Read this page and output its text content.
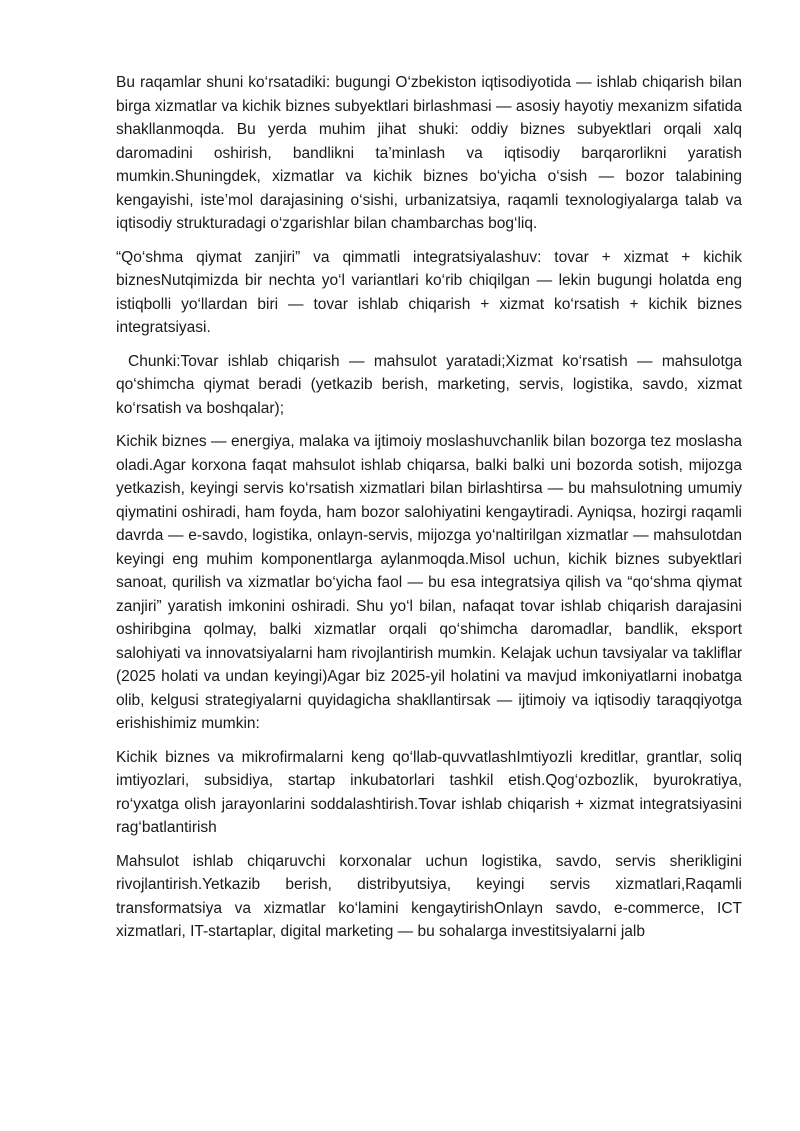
Bu raqamlar shuni ko‘rsatadiki: bugungi O‘zbekiston iqtisodiyotida — ishlab chiqarish bilan birga xizmatlar va kichik biznes subyektlari birlashmasi — asosiy hayotiy mexanizm sifatida shakllanmoqda. Bu yerda muhim jihat shuki: oddiy biznes subyektlari orqali xalq daromadini oshirish, bandlikni ta’minlash va iqtisodiy barqarorlikni yaratish mumkin.Shuningdek, xizmatlar va kichik biznes bo‘yicha o‘sish — bozor talabining kengayishi, iste’mol darajasining o‘sishi, urbanizatsiya, raqamli texnologiyalarga talab va iqtisodiy strukturadagi o‘zgarishlar bilan chambarchas bog‘liq.

“Qo‘shma qiymat zanjiri” va qimmatli integratsiyalashuv: tovar + xizmat + kichik biznesNutqimizda bir nechta yo‘l variantlari ko‘rib chiqilgan — lekin bugungi holatda eng istiqbolli yo‘llardan biri — tovar ishlab chiqarish + xizmat ko‘rsatish + kichik biznes integratsiyasi.

Chunki:Tovar ishlab chiqarish — mahsulot yaratadi;Xizmat ko‘rsatish — mahsulotga qo‘shimcha qiymat beradi (yetkazib berish, marketing, servis, logistika, savdo, xizmat ko‘rsatish va boshqalar);

Kichik biznes — energiya, malaka va ijtimoiy moslashuvchanlik bilan bozorga tez moslasha oladi.Agar korxona faqat mahsulot ishlab chiqarsa, balki balki uni bozorda sotish, mijozga yetkazish, keyingi servis ko‘rsatish xizmatlari bilan birlashtirsa — bu mahsulotning umumiy qiymatini oshiradi, ham foyda, ham bozor salohiyatini kengaytiradi. Ayniqsa, hozirgi raqamli davrda — e-savdo, logistika, onlayn-servis, mijozga yo‘naltirilgan xizmatlar — mahsulotdan keyingi eng muhim komponentlarga aylanmoqda.Misol uchun, kichik biznes subyektlari sanoat, qurilish va xizmatlar bo‘yicha faol — bu esa integratsiya qilish va “qo‘shma qiymat zanjiri” yaratish imkonini oshiradi. Shu yo‘l bilan, nafaqat tovar ishlab chiqarish darajasini oshiribgina qolmay, balki xizmatlar orqali qo‘shimcha daromadlar, bandlik, eksport salohiyati va innovatsiyalarni ham rivojlantirish mumkin. Kelajak uchun tavsiyalar va takliflar (2025 holati va undan keyingi)Agar biz 2025-yil holatini va mavjud imkoniyatlarni inobatga olib, kelgusi strategiyalarni quyidagicha shakllantirsak — ijtimoiy va iqtisodiy taraqqiyotga erishishimiz mumkin:

Kichik biznes va mikrofirmalarni keng qo‘llab-quvvatlashImtiyozli kreditlar, grantlar, soliq imtiyozlari, subsidiya, startap inkubatorlari tashkil etish.Qog‘ozbozlik, byurokratiya, ro‘yxatga olish jarayonlarini soddalashtirish.Tovar ishlab chiqarish + xizmat integratsiyasini rag‘batlantirish

Mahsulot ishlab chiqaruvchi korxonalar uchun logistika, savdo, servis sherikligini rivojlantirish.Yetkazib berish, distribyutsiya, keyingi servis xizmatlari,Raqamli transformatsiya va xizmatlar ko‘lamini kengaytirishOnlayn savdo, e-commerce, ICT xizmatlari, IT-startaplar, digital marketing — bu sohalarga investitsiyalarni jalb
